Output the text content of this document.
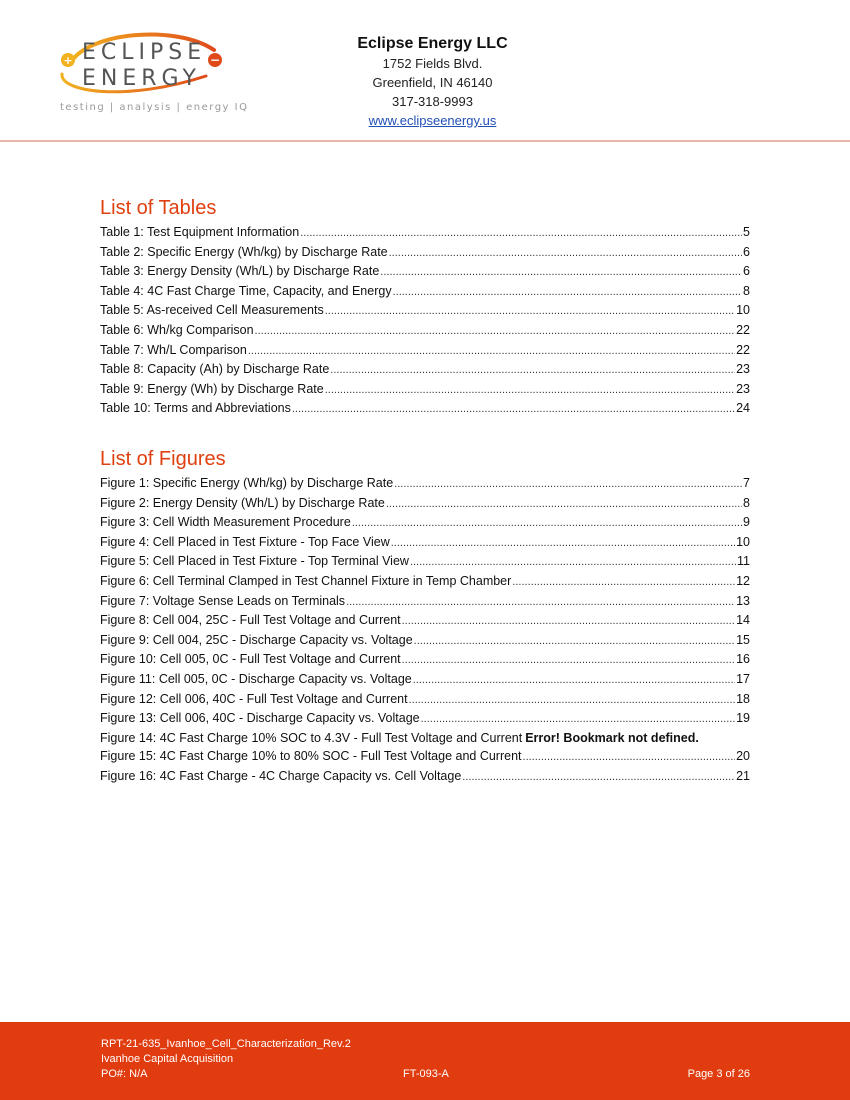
+	−
ECLIPSE
ENERGY
testing | analysis | energy IQ
Eclipse Energy LLC
1752 Fields Blvd.
Greenfield, IN 46140
317-318-9993
www.eclipseenergy.us
List of Tables
Table 1: Test Equipment Information .....	5
Table 2: Specific Energy (Wh/kg) by Discharge Rate .....	6
Table 3: Energy Density (Wh/L) by Discharge Rate .....	6
Table 4: 4C Fast Charge Time, Capacity, and Energy .....	8
Table 5: As-received Cell Measurements .....	10
Table 6: Wh/kg Comparison .....	22
Table 7: Wh/L Comparison .....	22
Table 8: Capacity (Ah) by Discharge Rate .....	23
Table 9: Energy (Wh) by Discharge Rate .....	23
Table 10: Terms and Abbreviations .....	24
List of Figures
Figure 1: Specific Energy (Wh/kg) by Discharge Rate .....	7
Figure 2: Energy Density (Wh/L) by Discharge Rate .....	8
Figure 3: Cell Width Measurement Procedure .....	9
Figure 4: Cell Placed in Test Fixture - Top Face View .....	10
Figure 5: Cell Placed in Test Fixture - Top Terminal View .....	11
Figure 6: Cell Terminal Clamped in Test Channel Fixture in Temp Chamber .....	12
Figure 7: Voltage Sense Leads on Terminals .....	13
Figure 8: Cell 004, 25C - Full Test Voltage and Current .....	14
Figure 9: Cell 004, 25C - Discharge Capacity vs. Voltage .....	15
Figure 10: Cell 005, 0C - Full Test Voltage and Current .....	16
Figure 11: Cell 005, 0C - Discharge Capacity vs. Voltage .....	17
Figure 12: Cell 006, 40C - Full Test Voltage and Current .....	18
Figure 13: Cell 006, 40C - Discharge Capacity vs. Voltage .....	19
Figure 14: 4C Fast Charge 10% SOC to 4.3V - Full Test Voltage and Current Error! Bookmark not defined.
Figure 15: 4C Fast Charge 10% to 80% SOC - Full Test Voltage and Current .....	20
Figure 16: 4C Fast Charge - 4C Charge Capacity vs. Cell Voltage .....	21
RPT-21-635_Ivanhoe_Cell_Characterization_Rev.2
Ivanhoe Capital Acquisition
PO#: N/A	FT-093-A	Page 3 of 26
